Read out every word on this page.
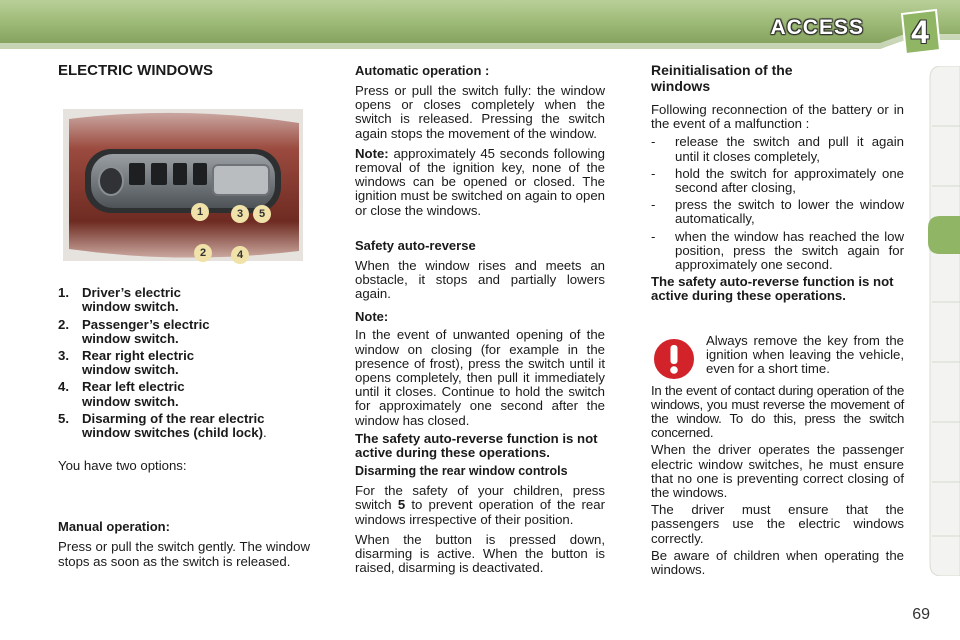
ACCESS	4
ELECTRIC WINDOWS
1
2
3
4
5
1. Driver’s electric window switch.
2. Passenger’s electric window switch.
3. Rear right electric window switch.
4. Rear left electric window switch.
5. Disarming of the rear electric window switches (child lock).

You have two options:

Manual operation:

Press or pull the switch gently. The window stops as soon as the switch is released.

Automatic operation :

Press or pull the switch fully: the window opens or closes completely when the switch is released. Pressing the switch again stops the movement of the window.

Note: approximately 45 seconds following removal of the ignition key, none of the windows can be opened or closed. The ignition must be switched on again to open or close the windows.

Safety auto-reverse

When the window rises and meets an obstacle, it stops and partially lowers again.

Note:

In the event of unwanted opening of the window on closing (for example in the presence of frost), press the switch until it opens completely, then pull it immediately until it closes. Continue to hold the switch for approximately one second after the window has closed.

The safety auto-reverse function is not active during these operations.

Disarming the rear window controls

For the safety of your children, press switch 5 to prevent operation of the rear windows irrespective of their position.

When the button is pressed down, disarming is active. When the button is raised, disarming is deactivated.

Reinitialisation of the windows

Following reconnection of the battery or in the event of a malfunction :

-	release the switch and pull it again until it closes completely,
-	hold the switch for approximately one second after closing,
-	press the switch to lower the window automatically,
-	when the window has reached the low position, press the switch again for approximately one second.

The safety auto-reverse function is not active during these operations.

Always remove the key from the ignition when leaving the vehicle, even for a short time.

In the event of contact during operation of the windows, you must reverse the movement of the window. To do this, press the switch concerned.

When the driver operates the passenger electric window switches, he must ensure that no one is preventing correct closing of the windows.

The driver must ensure that the passengers use the electric windows correctly.

Be aware of children when operating the windows.

69
